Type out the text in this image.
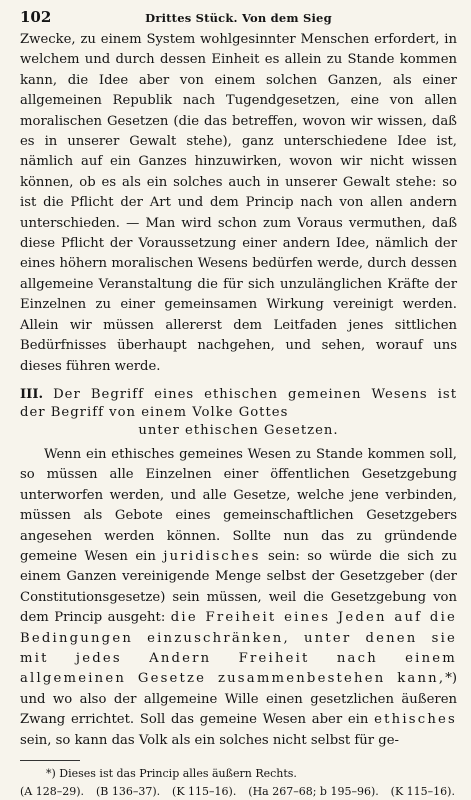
102	Drittes Stück. Von dem Sieg

Zwecke, zu einem System wohlgesinnter Menschen erfordert, in welchem und durch dessen Einheit es allein zu Stande kommen kann, die Idee aber von einem solchen Ganzen, als einer allgemeinen Republik nach Tugendgesetzen, eine von allen moralischen Gesetzen (die das betreffen, wovon wir wissen, daß es in unserer Gewalt stehe), ganz unterschiedene Idee ist, nämlich auf ein Ganzes hinzuwirken, wovon wir nicht wissen können, ob es als ein solches auch in unserer Gewalt stehe: so ist die Pflicht der Art und dem Princip nach von allen andern unterschieden. — Man wird schon zum Voraus vermuthen, daß diese Pflicht der Voraussetzung einer andern Idee, nämlich der eines höhern moralischen Wesens bedürfen werde, durch dessen allgemeine Veranstaltung die für sich unzulänglichen Kräfte der Einzelnen zu einer gemeinsamen Wirkung vereinigt werden. Allein wir müssen allererst dem Leitfaden jenes sittlichen Bedürfnisses überhaupt nachgehen, und sehen, worauf uns dieses führen werde.

III. Der Begriff eines ethischen gemeinen Wesens ist der Begriff von einem Volke Gottes

unter ethischen Gesetzen.

Wenn ein ethisches gemeines Wesen zu Stande kommen soll, so müssen alle Einzelnen einer öffentlichen Gesetzgebung unterworfen werden, und alle Gesetze, welche jene verbinden, müssen als Gebote eines gemeinschaftlichen Gesetzgebers angesehen werden können. Sollte nun das zu gründende gemeine Wesen ein juridisches sein: so würde die sich zu einem Ganzen vereinigende Menge selbst der Gesetzgeber (der Constitutionsgesetze) sein müssen, weil die Gesetzgebung von dem Princip ausgeht: die Freiheit eines Jeden auf die Bedingungen einzuschränken, unter denen sie mit jedes Andern Freiheit nach einem allgemeinen Gesetze zusammenbestehen kann,*) und wo also der allgemeine Wille einen gesetzlichen äußeren Zwang errichtet. Soll das gemeine Wesen aber ein ethisches sein, so kann das Volk als ein solches nicht selbst für ge-

*) Dieses ist das Princip alles äußern Rechts.

(A 128–29). (B 136–37). (K 115–16). (Ha 267–68; b 195–96). (K 115–16).
